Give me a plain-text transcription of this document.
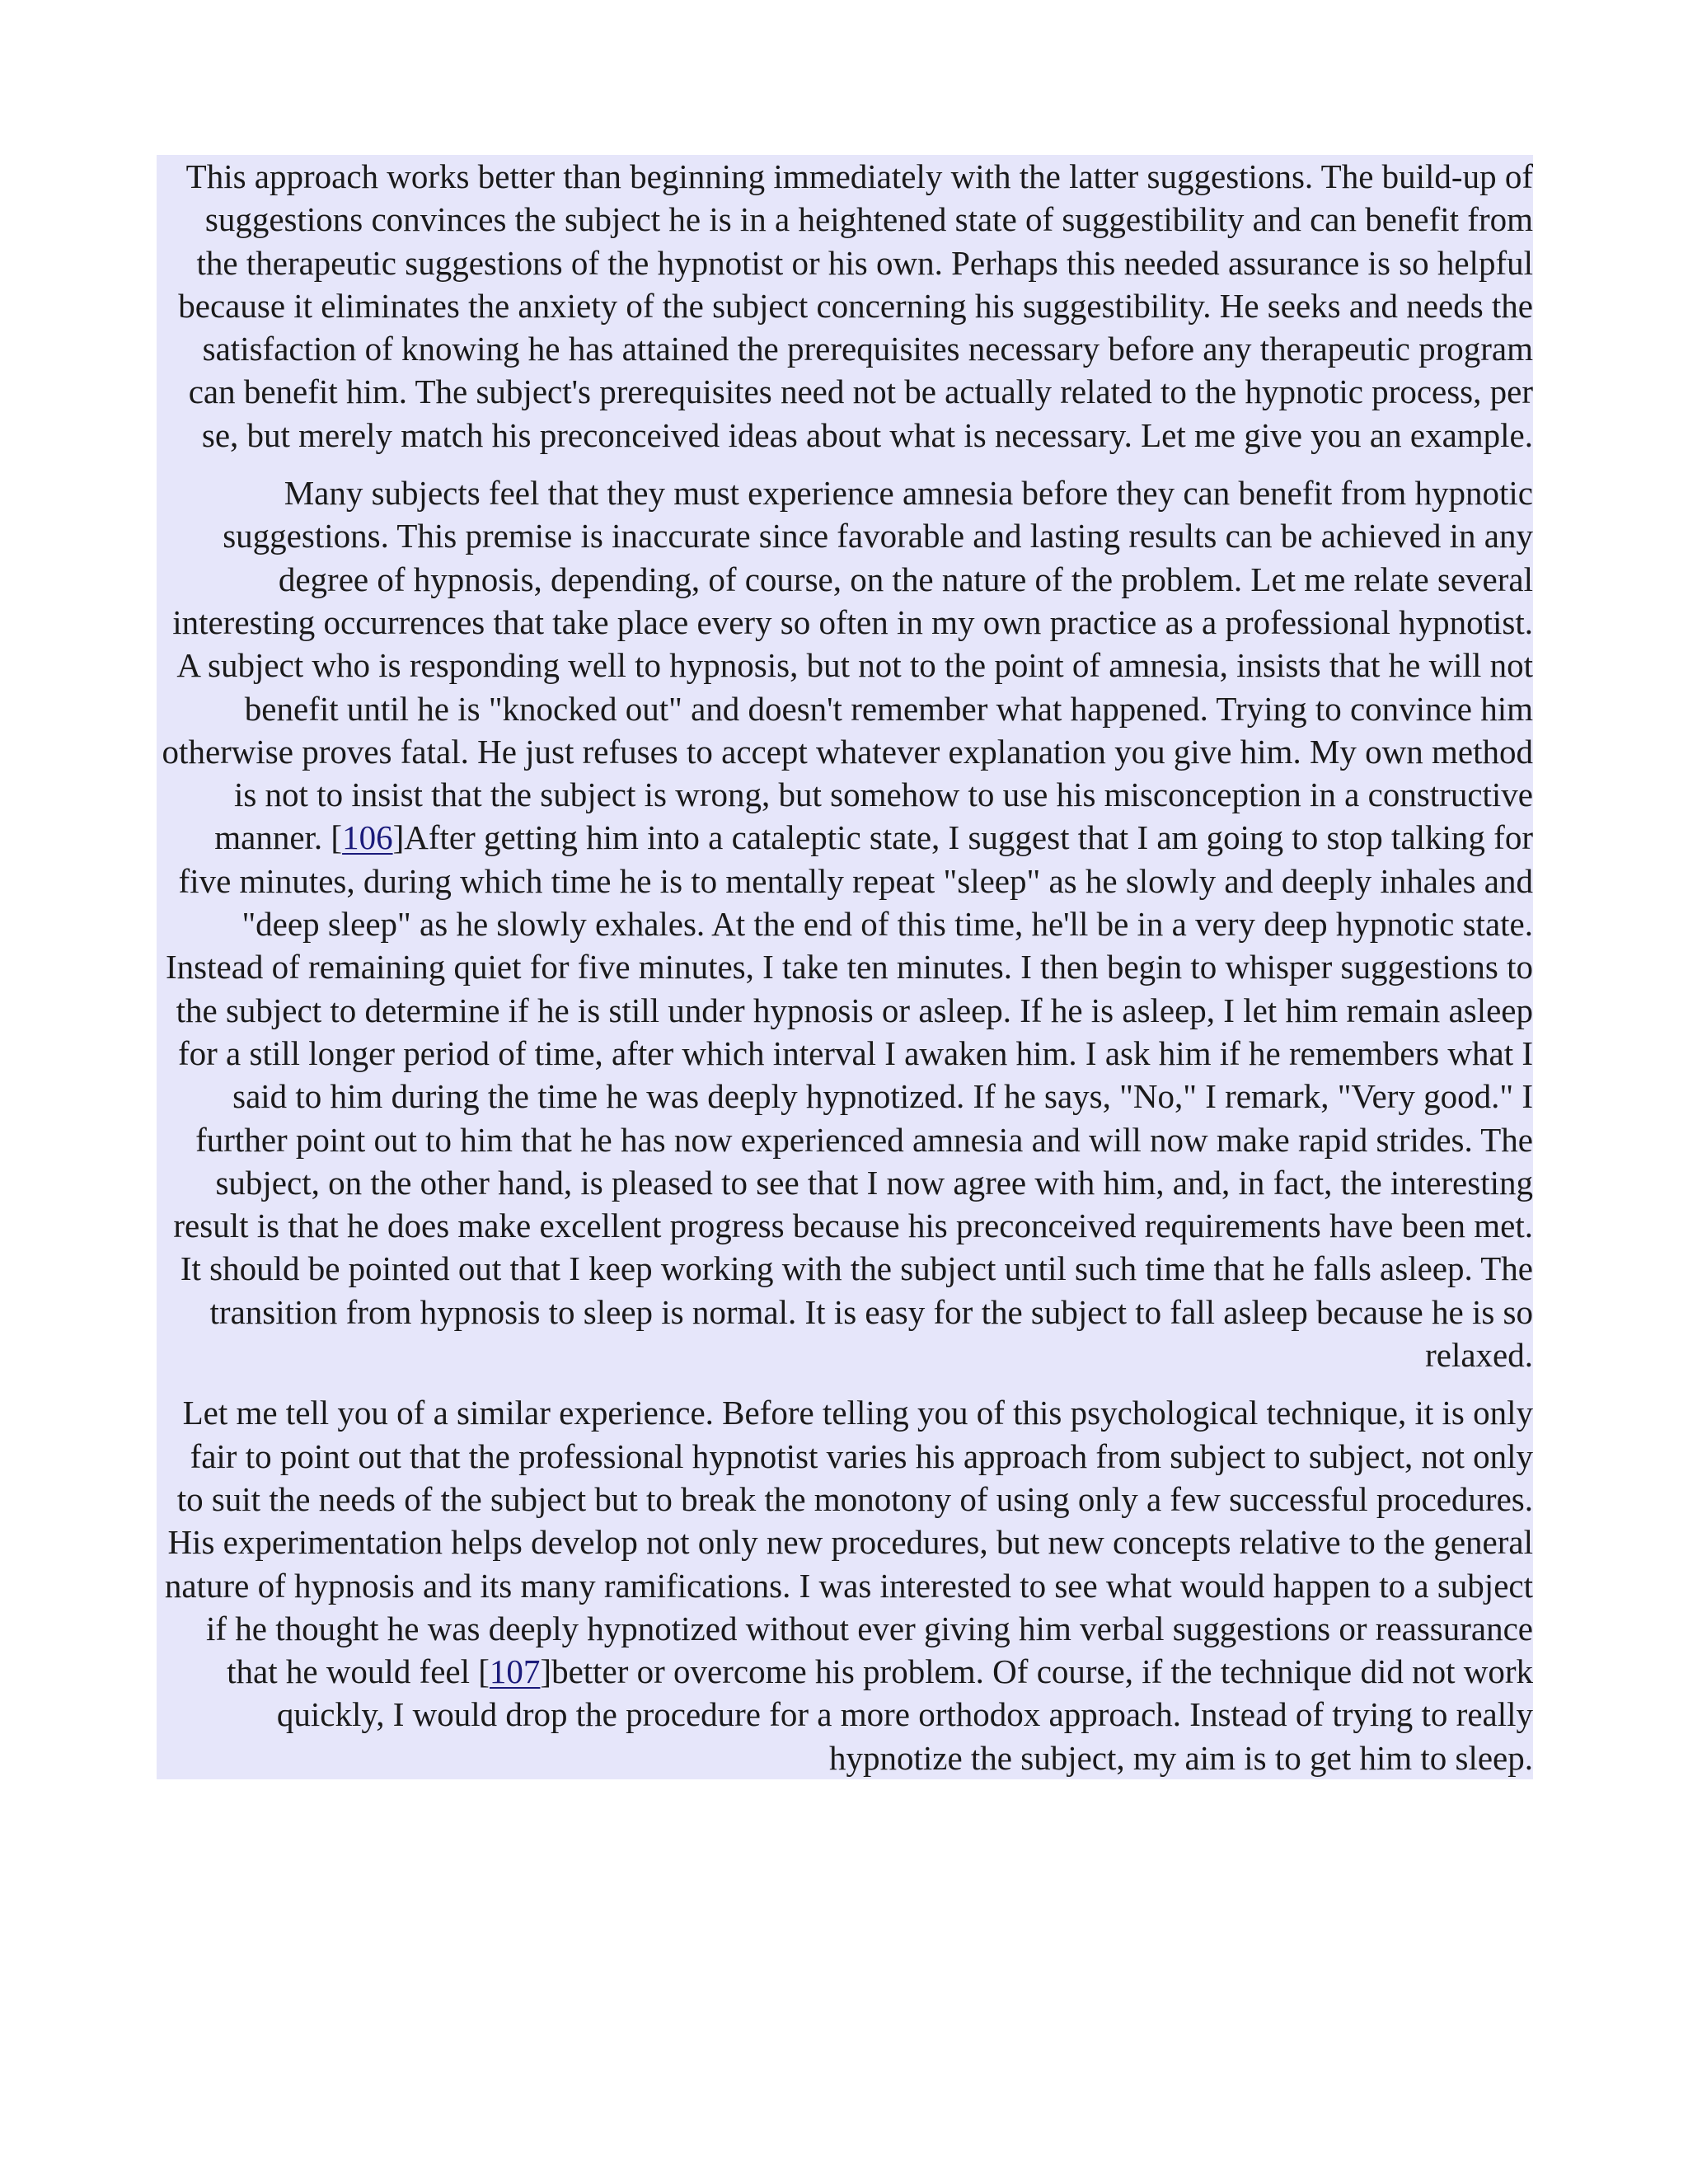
This approach works better than beginning immediately with the latter suggestions. The build-up of suggestions convinces the subject he is in a heightened state of suggestibility and can benefit from the therapeutic suggestions of the hypnotist or his own. Perhaps this needed assurance is so helpful because it eliminates the anxiety of the subject concerning his suggestibility. He seeks and needs the satisfaction of knowing he has attained the prerequisites necessary before any therapeutic program can benefit him. The subject's prerequisites need not be actually related to the hypnotic process, per se, but merely match his preconceived ideas about what is necessary. Let me give you an example.

Many subjects feel that they must experience amnesia before they can benefit from hypnotic suggestions. This premise is inaccurate since favorable and lasting results can be achieved in any degree of hypnosis, depending, of course, on the nature of the problem. Let me relate several interesting occurrences that take place every so often in my own practice as a professional hypnotist. A subject who is responding well to hypnosis, but not to the point of amnesia, insists that he will not benefit until he is "knocked out" and doesn't remember what happened. Trying to convince him otherwise proves fatal. He just refuses to accept whatever explanation you give him. My own method is not to insist that the subject is wrong, but somehow to use his misconception in a constructive manner. [106]After getting him into a cataleptic state, I suggest that I am going to stop talking for five minutes, during which time he is to mentally repeat "sleep" as he slowly and deeply inhales and "deep sleep" as he slowly exhales. At the end of this time, he'll be in a very deep hypnotic state. Instead of remaining quiet for five minutes, I take ten minutes. I then begin to whisper suggestions to the subject to determine if he is still under hypnosis or asleep. If he is asleep, I let him remain asleep for a still longer period of time, after which interval I awaken him. I ask him if he remembers what I said to him during the time he was deeply hypnotized. If he says, "No," I remark, "Very good." I further point out to him that he has now experienced amnesia and will now make rapid strides. The subject, on the other hand, is pleased to see that I now agree with him, and, in fact, the interesting result is that he does make excellent progress because his preconceived requirements have been met. It should be pointed out that I keep working with the subject until such time that he falls asleep. The transition from hypnosis to sleep is normal. It is easy for the subject to fall asleep because he is so relaxed.

Let me tell you of a similar experience. Before telling you of this psychological technique, it is only fair to point out that the professional hypnotist varies his approach from subject to subject, not only to suit the needs of the subject but to break the monotony of using only a few successful procedures. His experimentation helps develop not only new procedures, but new concepts relative to the general nature of hypnosis and its many ramifications. I was interested to see what would happen to a subject if he thought he was deeply hypnotized without ever giving him verbal suggestions or reassurance that he would feel [107]better or overcome his problem. Of course, if the technique did not work quickly, I would drop the procedure for a more orthodox approach. Instead of trying to really hypnotize the subject, my aim is to get him to sleep.
